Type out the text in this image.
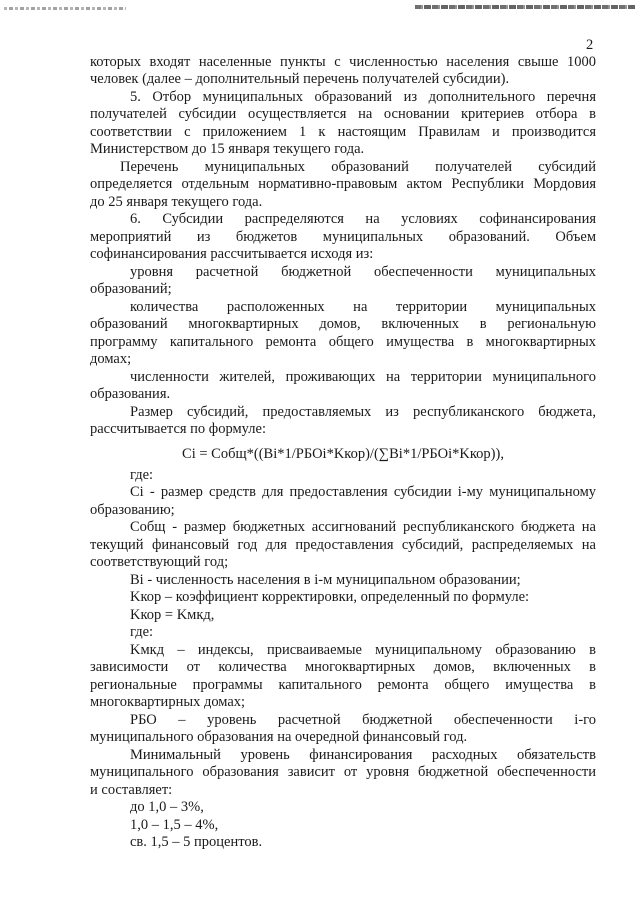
2
которых входят населенные пункты с численностью населения свыше 1000
человек (далее – дополнительный перечень получателей субсидии).
5. Отбор муниципальных образований из дополнительного перечня
получателей субсидии осуществляется на основании критериев отбора в
соответствии с приложением 1 к настоящим Правилам и производится
Министерством до 15 января текущего года.
Перечень муниципальных образований получателей субсидий
определяется отдельным нормативно-правовым актом Республики Мордовия
до 25 января текущего года.
6. Субсидии распределяются на условиях софинансирования
мероприятий из бюджетов муниципальных образований. Объем
софинансирования рассчитывается исходя из:
уровня расчетной бюджетной обеспеченности муниципальных
образований;
количества расположенных на территории муниципальных
образований многоквартирных домов, включенных в региональную
программу капитального ремонта общего имущества в многоквартирных
домах;
численности жителей, проживающих на территории муниципального
образования.
Размер субсидий, предоставляемых из республиканского бюджета,
рассчитывается по формуле:
где:
Ci - размер средств для предоставления субсидии i-му муниципальному
образованию;
Cобщ - размер бюджетных ассигнований республиканского бюджета на
текущий финансовый год для предоставления субсидий, распределяемых на
соответствующий год;
Bi - численность населения в i-м муниципальном образовании;
Kкор – коэффициент корректировки, определенный по формуле:
Kкор = Kмкд,
где:
Kмкд – индексы, присваиваемые муниципальному образованию в
зависимости от количества многоквартирных домов, включенных в
региональные программы капитального ремонта общего имущества в
многоквартирных домах;
РБО – уровень расчетной бюджетной обеспеченности i-го
муниципального образования на очередной финансовый год.
Минимальный уровень финансирования расходных обязательств
муниципального образования зависит от уровня бюджетной обеспеченности
и составляет:
до 1,0 – 3%,
1,0 – 1,5 – 4%,
св. 1,5 – 5 процентов.
Ci = Cобщ*((Bi*1/РБОi*Kкор)/(∑Bi*1/РБОi*Kкор)),
